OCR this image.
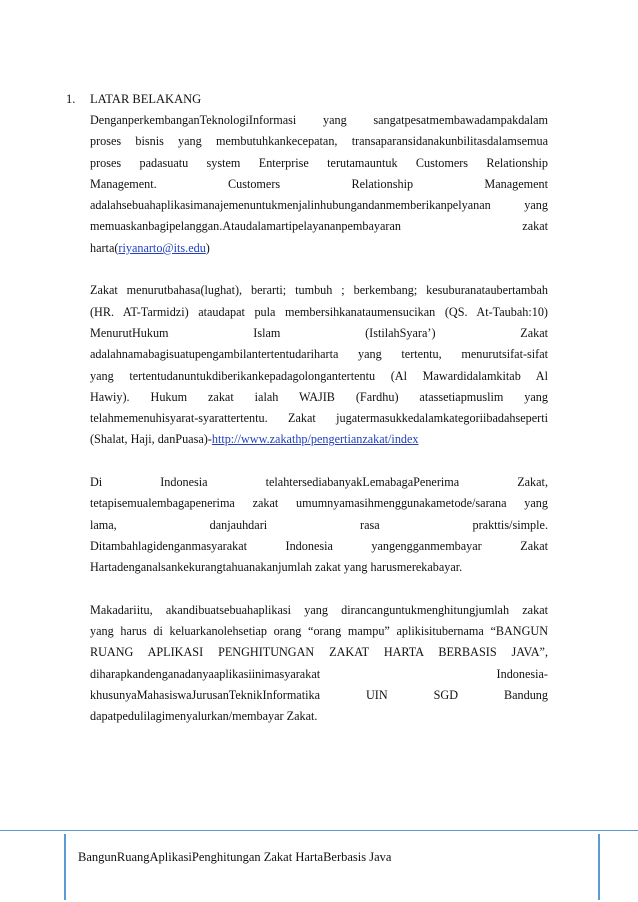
1. LATAR BELAKANG
DenganperkembanganTeknologiInformasi yang sangatpesatmembawadampakdalam
proses bisnis yang membutuhkankecepatan, transaparansidanakunbilitasdalamsemua
proses padasuatu system Enterprise terutamauntuk Customers Relationship
Management. Customers Relationship Management
adalahsebuahaplikasimanajemenuntukmenjalinhubungandanmemberikanpelyanan yang
memuaskanbagipelanggan.Ataudalamartipelayananpembayaran zakat
harta(riyanarto@its.edu)
Zakat menurutbahasa(lughat), berarti; tumbuh ; berkembang; kesuburanataubertambah
(HR. AT-Tarmidzi) ataudapat pula membersihkanataumensucikan (QS. At-Taubah:10)
MenurutHukum Islam (IstilahSyara’) Zakat
adalahnamabagisuatupengambilantertentudariharta yang tertentu, menurutsifat-sifat
yang tertentudanuntukdiberikankepadagolongantertentu (Al Mawardidalamkitab Al
Hawiy). Hukum zakat ialah WAJIB (Fardhu) atassetiapmuslim yang
telahmemenuhisyarat-syarattertentu. Zakat jugatermasukkedalamkategoriibadahseperti
(Shalat, Haji, danPuasa)-http://www.zakathp/pengertianzakat/index
Di Indonesia telahtersediabanyakLemabagaPenerima Zakat,
tetapisemualembagapenerima zakat umumnyamasihmenggunakametode/sarana yang
lama, danjauhdari rasa prakttis/simple.
Ditambahlagidenganmasyarakat Indonesia yangengganmembayar Zakat
Hartadenganalsankekurangtahuanakanjumlah zakat yang harusmerekabayar.
Makadariitu, akandibuatsebuahaplikasi yang dirancanguntukmenghitungjumlah zakat
yang harus di keluarkanolehsetiap orang “orang mampu” aplikisitubernama “BANGUN
RUANG APLIKASI PENGHITUNGAN ZAKAT HARTA BERBASIS JAVA”,
diharapkandenganadanyaaplikasiinimasyarakat Indonesia-
khusunyaMahasiswaJurusanTeknikInformatika UIN SGD Bandung
dapatpedulilagimenyalurkan/membayar Zakat.
BangunRuangAplikasiPenghitungan Zakat HartaBerbasis Java
